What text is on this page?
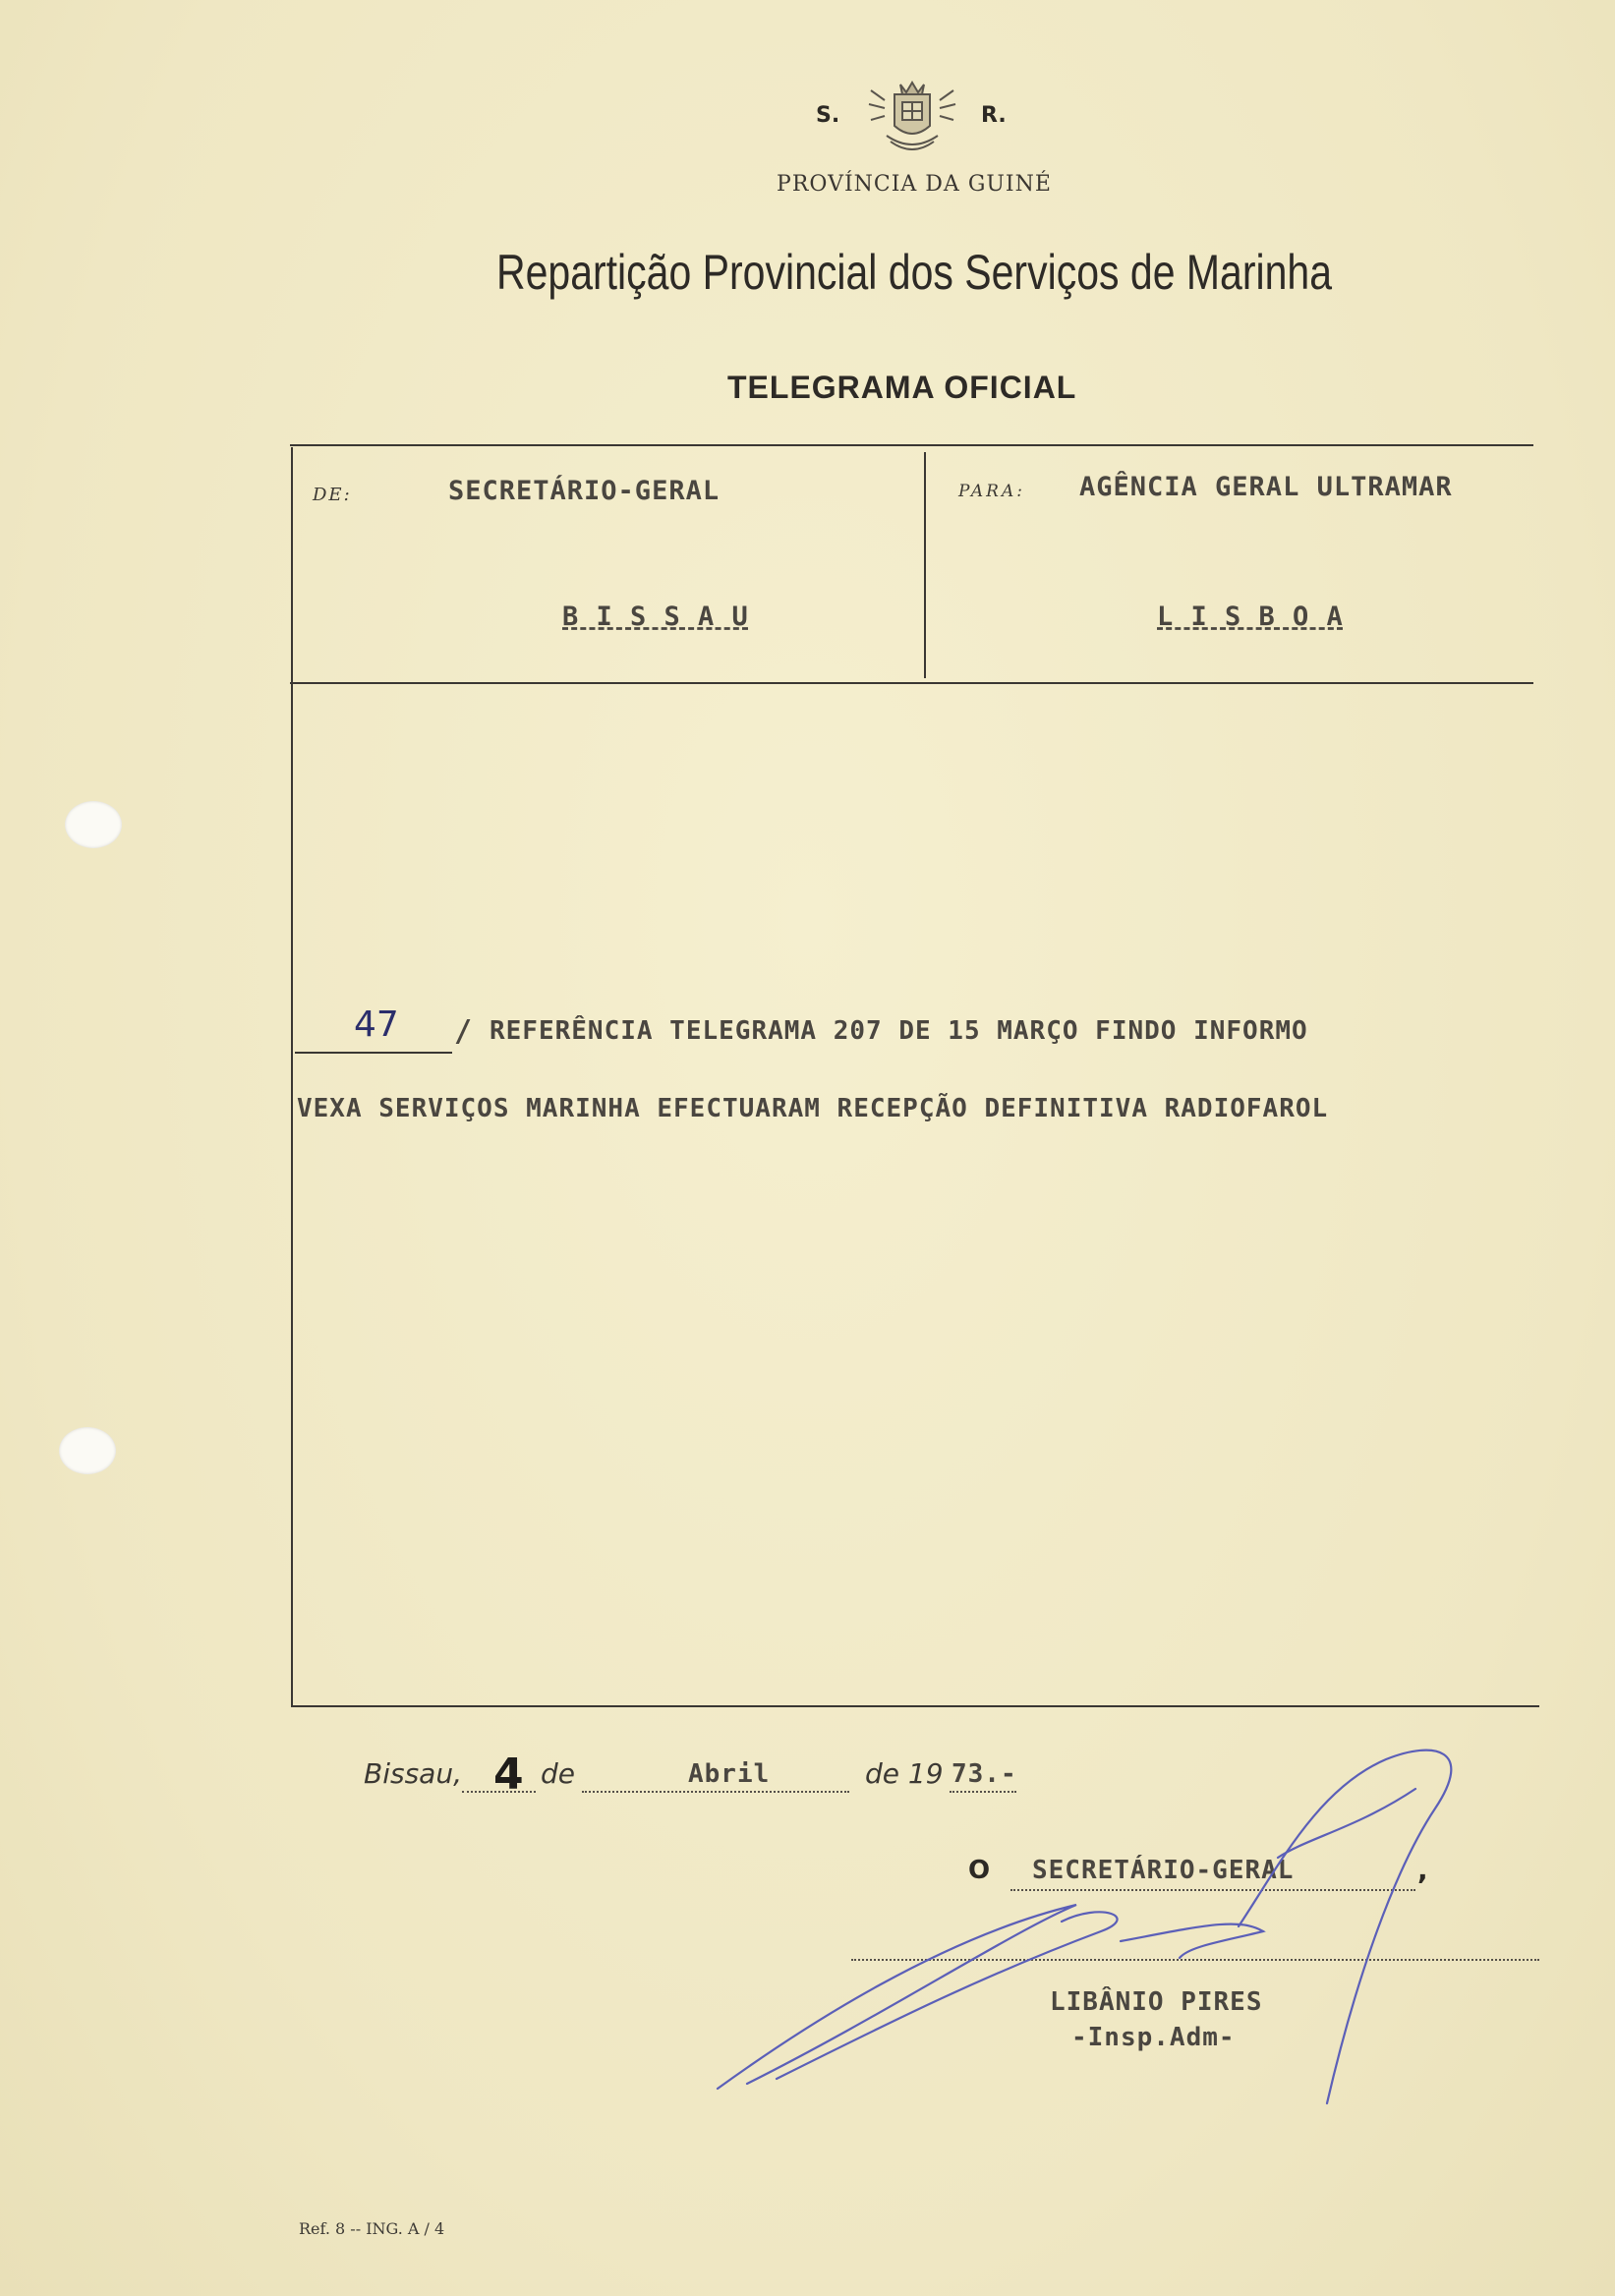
S.	R.
PROVÍNCIA DA GUINÉ
Repartição Provincial dos Serviços de Marinha
TELEGRAMA OFICIAL
DE:	SECRETÁRIO-GERAL
B I S S A U
PARA: AGÊNCIA GERAL ULTRAMAR
L I S B O A
47 / REFERÊNCIA TELEGRAMA 207 DE 15 MARÇO FINDO INFORMO
VEXA SERVIÇOS MARINHA EFECTUARAM RECEPÇÃO DEFINITIVA RADIOFAROL
Bissau, 4 de	Abril	de 19 73.-
O SECRETÁRIO-GERAL	,
LIBÂNIO PIRES
-Insp.Adm-
Ref. 8 -- ING. A / 4
